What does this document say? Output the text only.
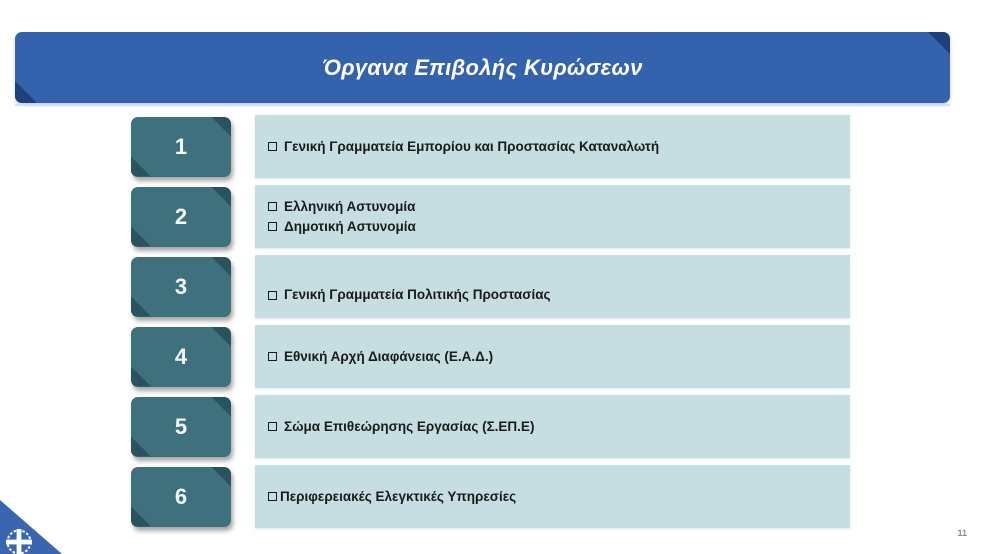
Όργανα Επιβολής Κυρώσεων
1	Γενική Γραμματεία Εμπορίου και Προστασίας Καταναλωτή
2	Ελληνική Αστυνομία
Δημοτική Αστυνομία
3	Γενική Γραμματεία Πολιτικής Προστασίας
4	Εθνική Αρχή Διαφάνειας (Ε.Α.Δ.)
5	Σώμα Επιθεώρησης Εργασίας (Σ.ΕΠ.Ε)
6	Περιφερειακές Ελεγκτικές Υπηρεσίες
11
